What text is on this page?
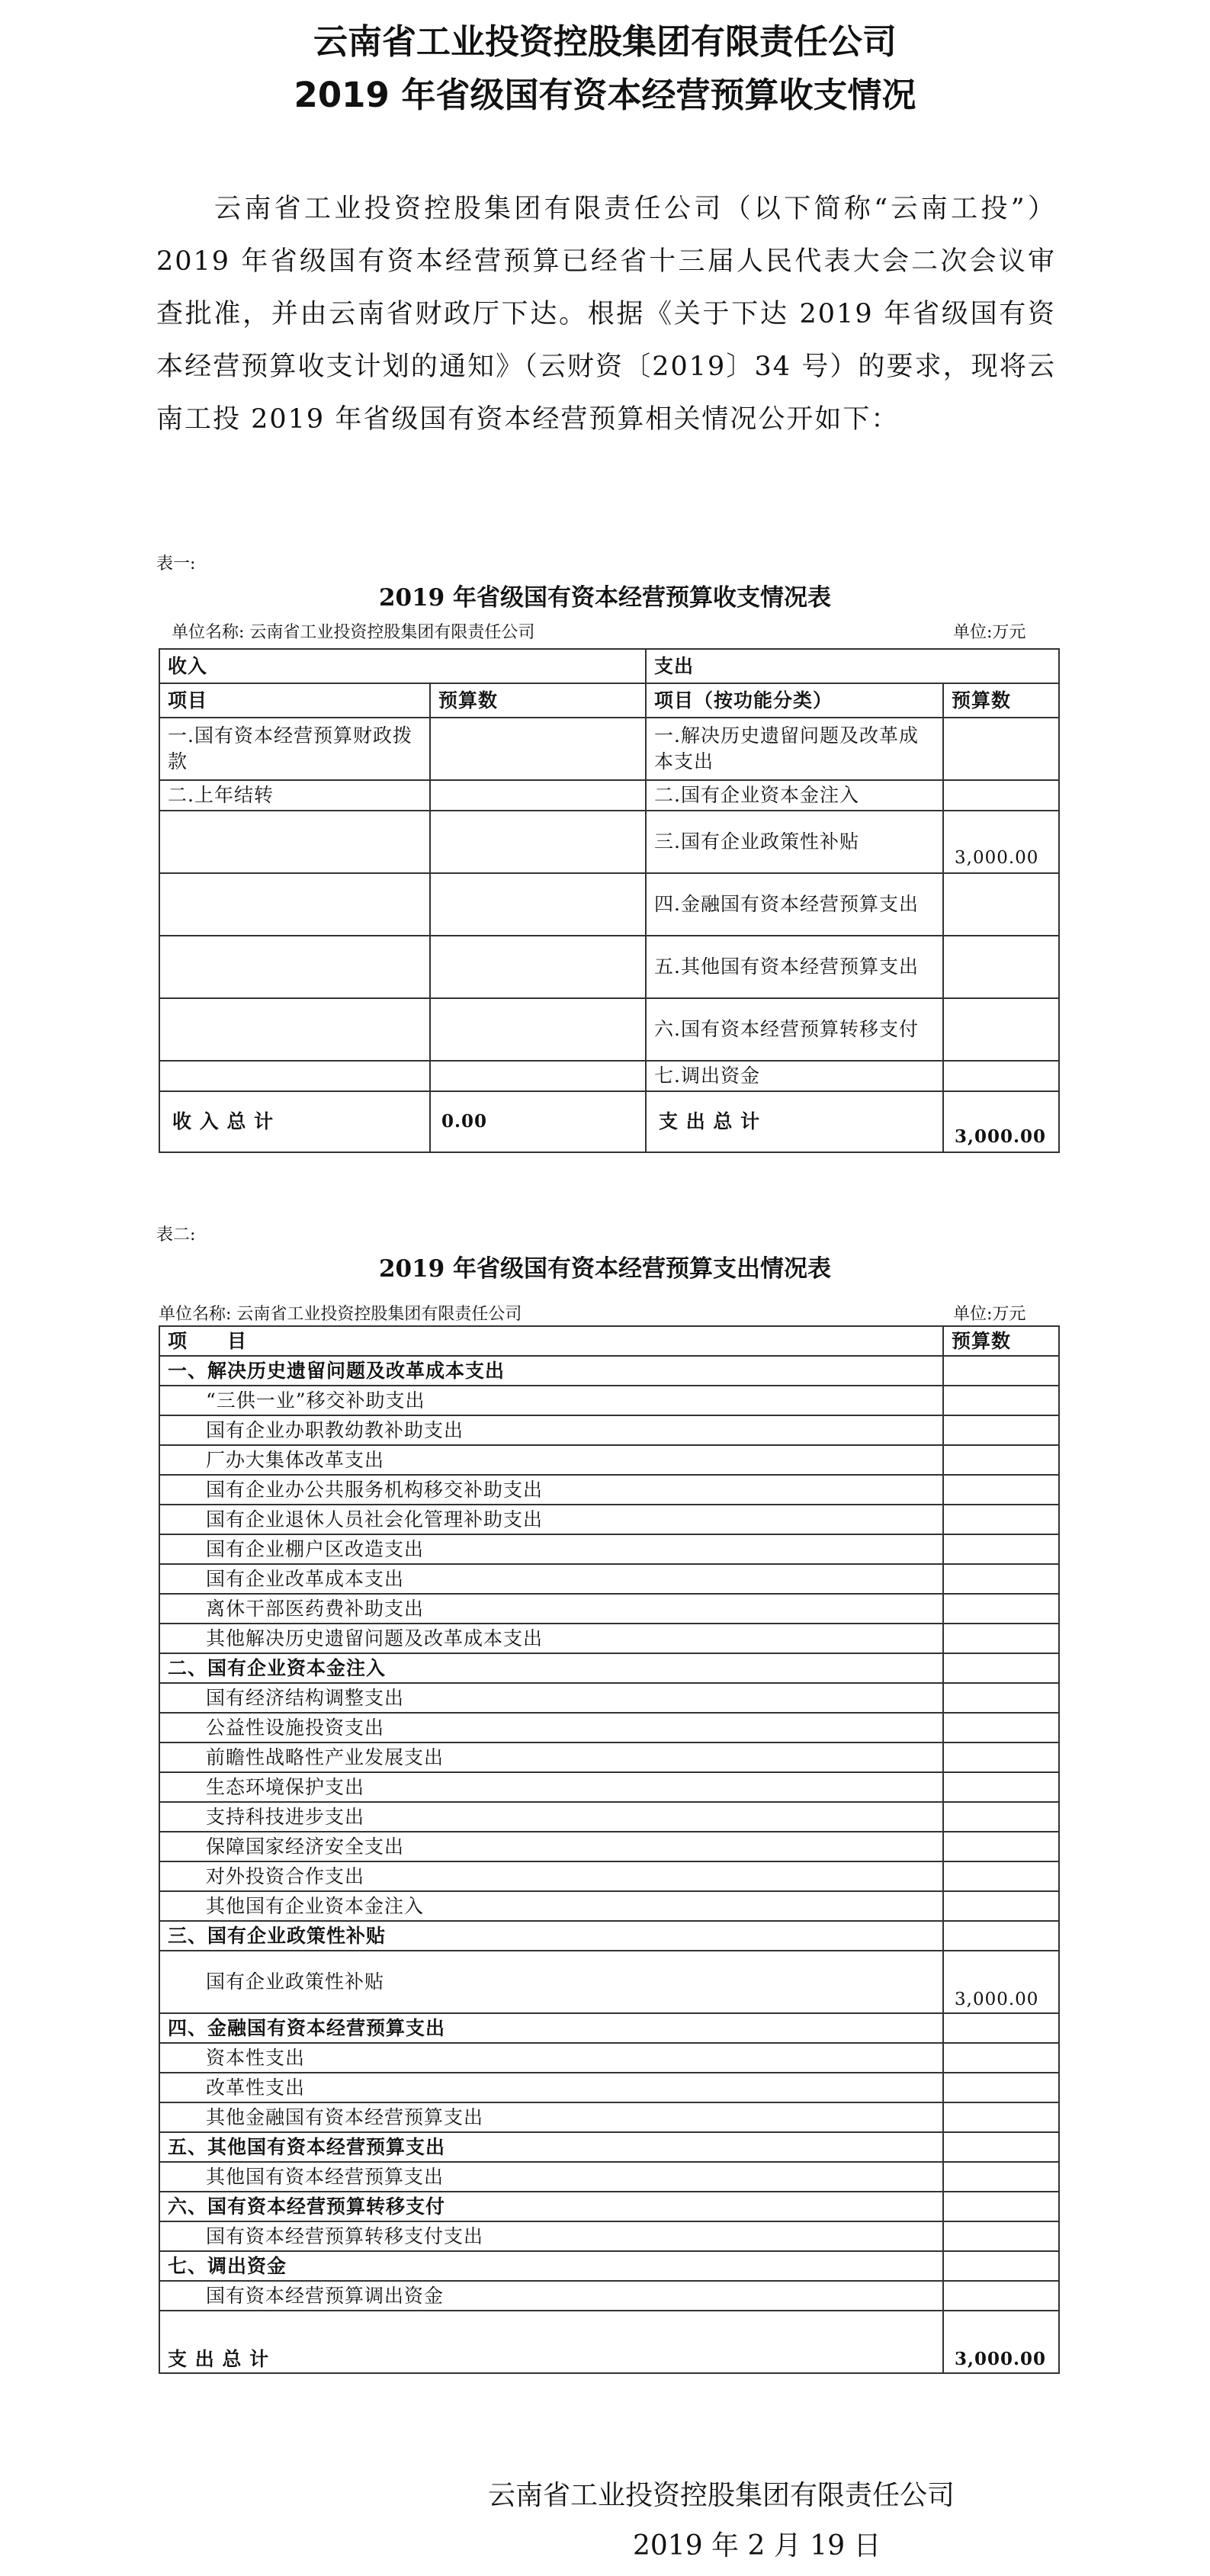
云南省工业投资控股集团有限责任公司
2019 年省级国有资本经营预算收支情况
云南省工业投资控股集团有限责任公司（以下简称“云南工投”）2019 年省级国有资本经营预算已经省十三届人民代表大会二次会议审查批准，并由云南省财政厅下达。根据《关于下达 2019 年省级国有资本经营预算收支计划的通知》（云财资〔2019〕34 号）的要求，现将云南工投 2019 年省级国有资本经营预算相关情况公开如下：
表一:
2019 年省级国有资本经营预算收支情况表
单位名称: 云南省工业投资控股集团有限责任公司	单位:万元
收入		支出	
项目	预算数	项目（按功能分类）	预算数
一.国有资本经营预算财政拨款		一.解决历史遗留问题及改革成本支出	
二.上年结转		二.国有企业资本金注入	
		三.国有企业政策性补贴	3,000.00
		四.金融国有资本经营预算支出	
		五.其他国有资本经营预算支出	
		六.国有资本经营预算转移支付	
		七.调出资金	
收 入 总 计	0.00	支 出 总 计	3,000.00
表二:
2019 年省级国有资本经营预算支出情况表
单位名称: 云南省工业投资控股集团有限责任公司	单位:万元
项　　目	预算数
一、解决历史遗留问题及改革成本支出	
“三供一业”移交补助支出	
国有企业办职教幼教补助支出	
厂办大集体改革支出	
国有企业办公共服务机构移交补助支出	
国有企业退休人员社会化管理补助支出	
国有企业棚户区改造支出	
国有企业改革成本支出	
离休干部医药费补助支出	
其他解决历史遗留问题及改革成本支出	
二、国有企业资本金注入	
国有经济结构调整支出	
公益性设施投资支出	
前瞻性战略性产业发展支出	
生态环境保护支出	
支持科技进步支出	
保障国家经济安全支出	
对外投资合作支出	
其他国有企业资本金注入	
三、国有企业政策性补贴	
国有企业政策性补贴	3,000.00
四、金融国有资本经营预算支出	
资本性支出	
改革性支出	
其他金融国有资本经营预算支出	
五、其他国有资本经营预算支出	
其他国有资本经营预算支出	
六、国有资本经营预算转移支付	
国有资本经营预算转移支付支出	
七、调出资金	
国有资本经营预算调出资金	
支 出 总 计	3,000.00
云南省工业投资控股集团有限责任公司
2019 年 2 月 19 日
